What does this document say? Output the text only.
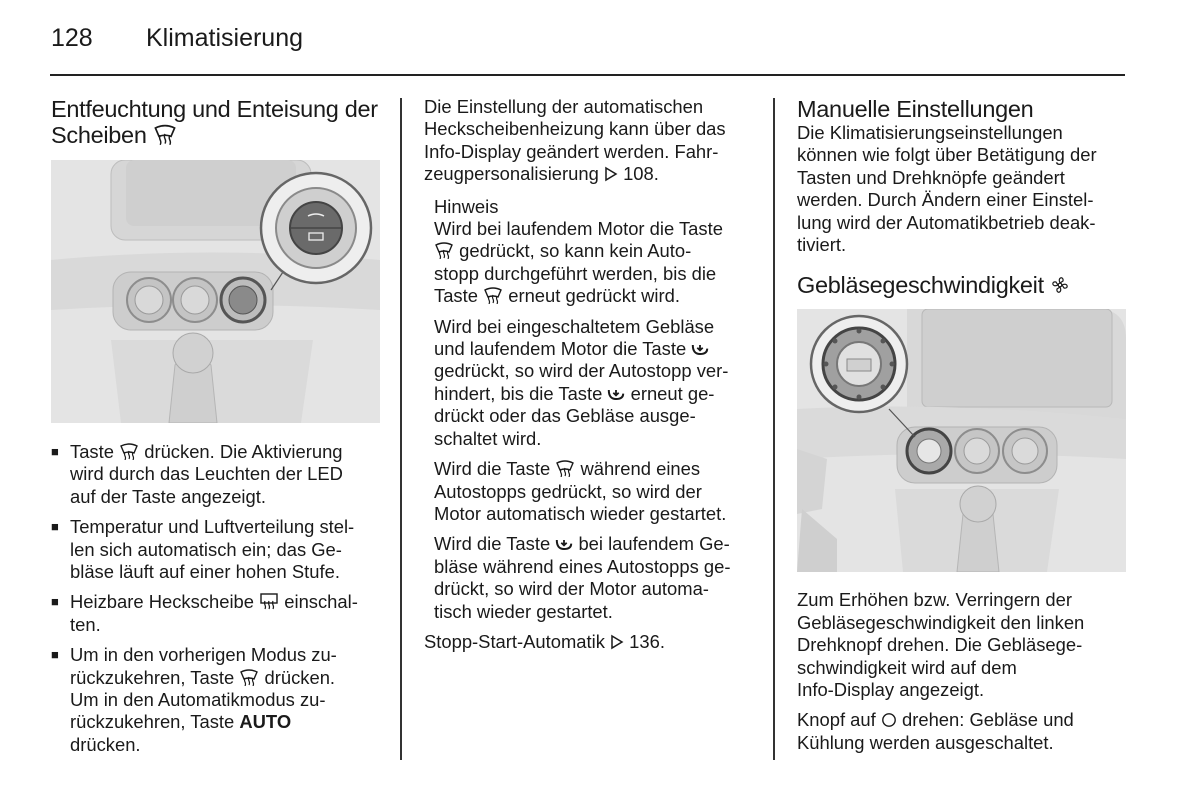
128 Klimatisierung
Entfeuchtung und Enteisung der
Scheiben
■ Taste drücken. Die Aktivierung
wird durch das Leuchten der LED
auf der Taste angezeigt.
■ Temperatur und Luftverteilung stel-
len sich automatisch ein; das Ge-
bläse läuft auf einer hohen Stufe.
■ Heizbare Heckscheibe einschal-
ten.
■ Um in den vorherigen Modus zu-
rückzukehren, Taste drücken.
Um in den Automatikmodus zu-
rückzukehren, Taste AUTO
drücken.

Die Einstellung der automatischen
Heckscheibenheizung kann über das
Info-Display geändert werden. Fahr-
zeugpersonalisierung 108.

Hinweis

Wird bei laufendem Motor die Taste
gedrückt, so kann kein Auto-
stopp durchgeführt werden, bis die
Taste erneut gedrückt wird.

Wird bei eingeschaltetem Gebläse
und laufendem Motor die Taste
gedrückt, so wird der Autostopp ver-
hindert, bis die Taste erneut ge-
drückt oder das Gebläse ausge-
schaltet wird.

Wird die Taste während eines
Autostopps gedrückt, so wird der
Motor automatisch wieder gestartet.

Wird die Taste bei laufendem Ge-
bläse während eines Autostopps ge-
drückt, so wird der Motor automa-
tisch wieder gestartet.

Stopp-Start-Automatik 136.

Manuelle Einstellungen

Die Klimatisierungseinstellungen
können wie folgt über Betätigung der
Tasten und Drehknöpfe geändert
werden. Durch Ändern einer Einstel-
lung wird der Automatikbetrieb deak-
tiviert.

Gebläsegeschwindigkeit

Zum Erhöhen bzw. Verringern der
Gebläsegeschwindigkeit den linken
Drehknopf drehen. Die Gebläsege-
schwindigkeit wird auf dem
Info-Display angezeigt.

Knopf auf drehen: Gebläse und
Kühlung werden ausgeschaltet.
